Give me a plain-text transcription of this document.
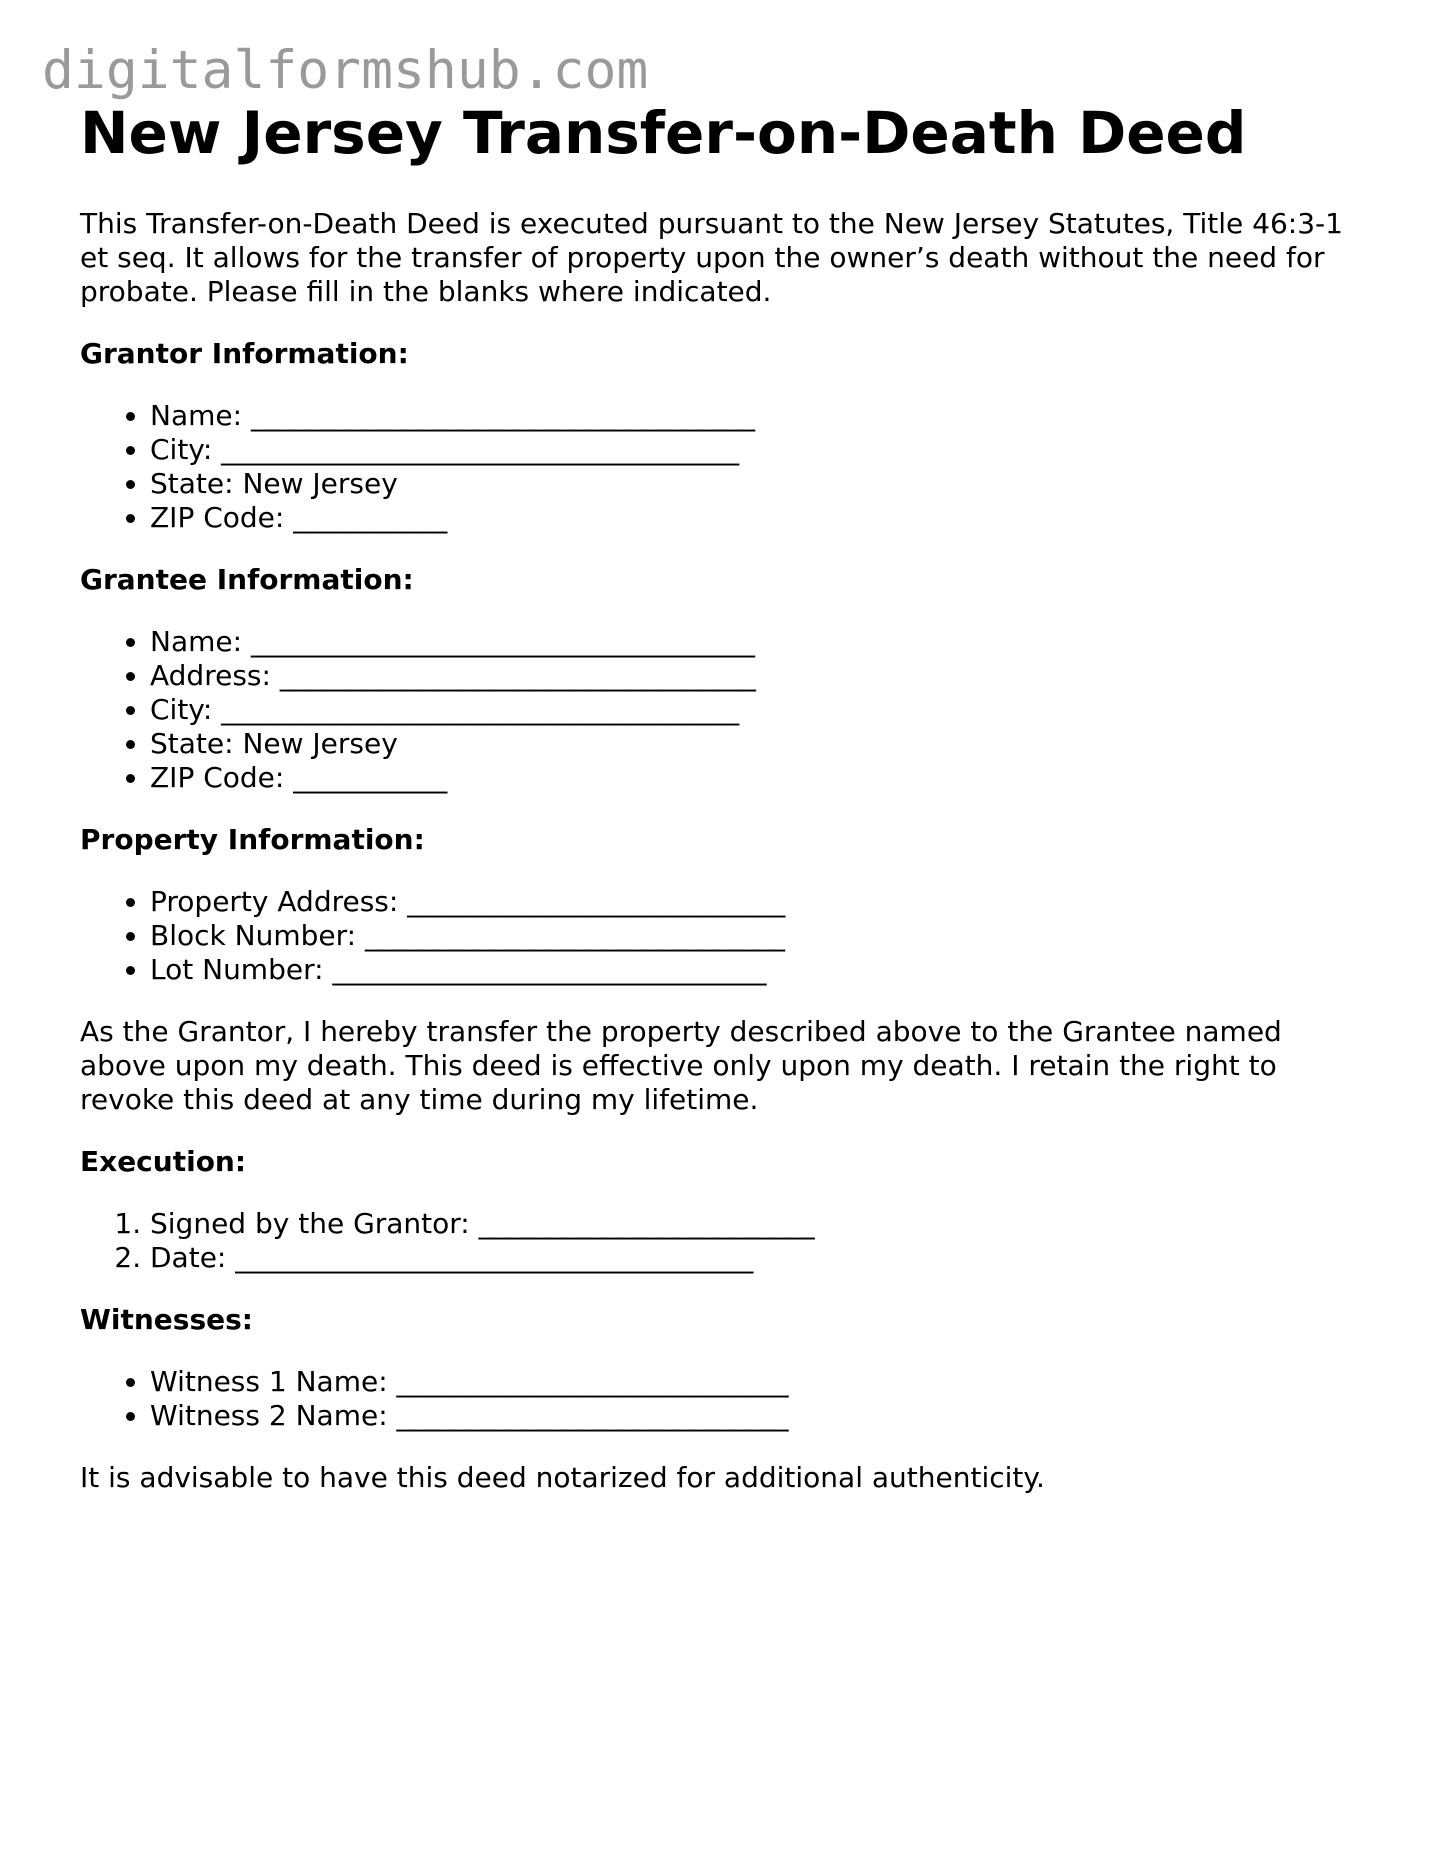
digitalformshub.com
New Jersey Transfer-on-Death Deed

This Transfer-on-Death Deed is executed pursuant to the New Jersey Statutes, Title 46:3-1 et seq. It allows for the transfer of property upon the owner’s death without the need for probate. Please fill in the blanks where indicated.

Grantor Information:
• Name: ____________________________________
• City: _____________________________________
• State: New Jersey
• ZIP Code: ___________
Grantee Information:
• Name: ____________________________________
• Address: __________________________________
• City: _____________________________________
• State: New Jersey
• ZIP Code: ___________
Property Information:
• Property Address: ___________________________
• Block Number: ______________________________
• Lot Number: _______________________________

As the Grantor, I hereby transfer the property described above to the Grantee named above upon my death. This deed is effective only upon my death. I retain the right to revoke this deed at any time during my lifetime.

Execution:
1. Signed by the Grantor: ________________________
2. Date: _____________________________________
Witnesses:
• Witness 1 Name: ____________________________
• Witness 2 Name: ____________________________

It is advisable to have this deed notarized for additional authenticity.
